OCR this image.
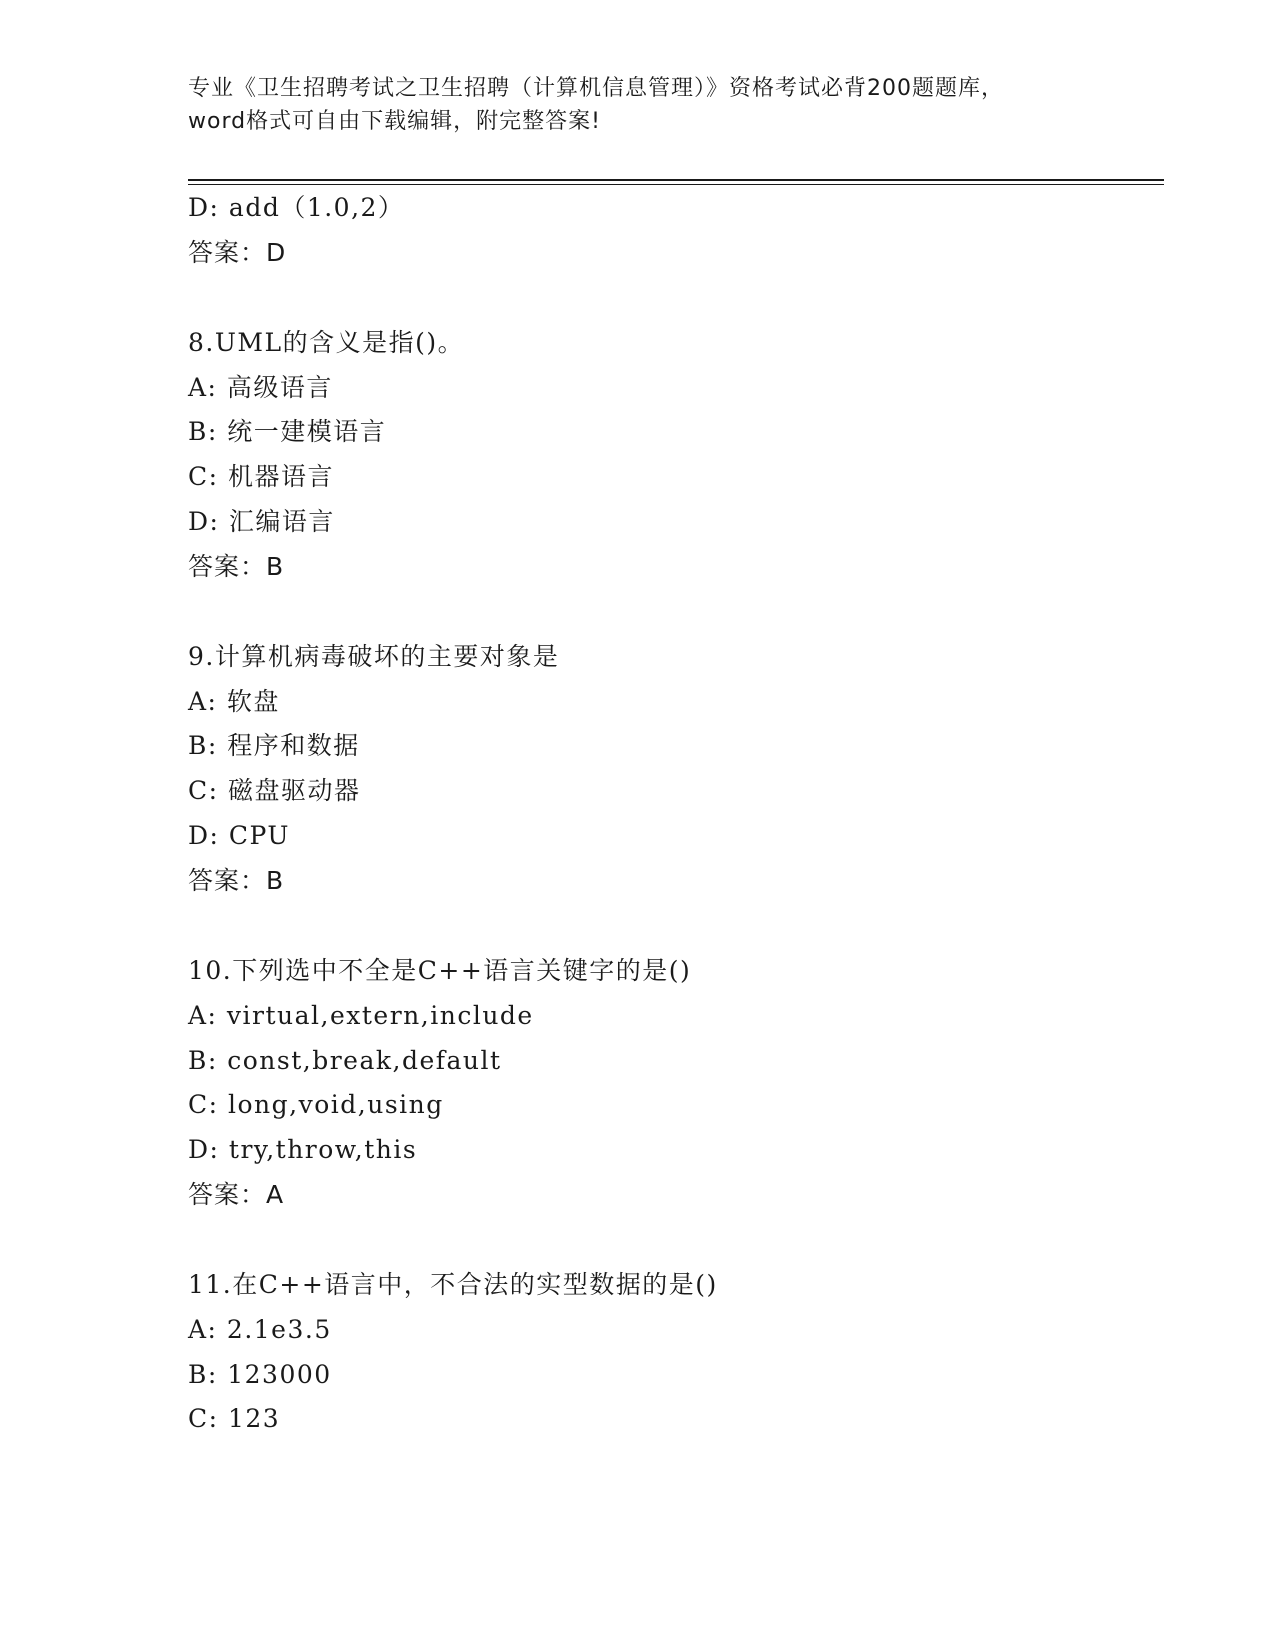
专业《卫生招聘考试之卫生招聘（计算机信息管理）》资格考试必背200题题库，
word格式可自由下载编辑，附完整答案!
D: add（1.0,2）
答案：D
8.UML的含义是指()。
A: 高级语言
B: 统一建模语言
C: 机器语言
D: 汇编语言
答案：B
9.计算机病毒破坏的主要对象是
A: 软盘
B: 程序和数据
C: 磁盘驱动器
D: CPU
答案：B
10.下列选中不全是C++语言关键字的是()
A: virtual,extern,include
B: const,break,default
C: long,void,using
D: try,throw,this
答案：A
11.在C++语言中，不合法的实型数据的是()
A: 2.1e3.5
B: 123000
C: 123
